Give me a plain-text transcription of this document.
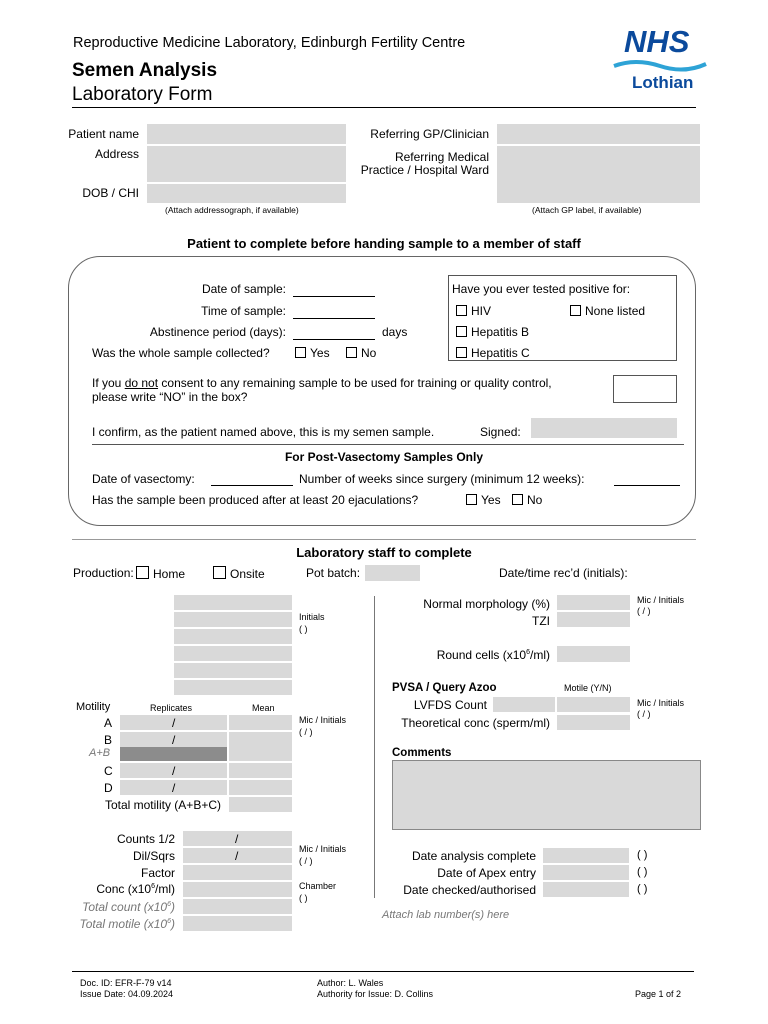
Reproductive Medicine Laboratory, Edinburgh Fertility Centre
Semen Analysis
Laboratory Form
NHS
Lothian
Patient name
Address
DOB / CHI
(Attach addressograph, if available)
Referring GP/Clinician
Referring Medical
Practice / Hospital Ward
(Attach GP label, if available)
Patient to complete before handing sample to a member of staff
Date of sample:
Time of sample:
Abstinence period (days):	days
Was the whole sample collected?	Yes	No
Have you ever tested positive for:
HIV	None listed
Hepatitis B
Hepatitis C
If you do not consent to any remaining sample to be used for training or quality control,
please write “NO” in the box?
I confirm, as the patient named above, this is my semen sample.	Signed:
For Post-Vasectomy Samples Only
Date of vasectomy:	Number of weeks since surgery (minimum 12 weeks):
Has the sample been produced after at least 20 ejaculations?	Yes	No
Laboratory staff to complete
Production:	Home	Onsite	Pot batch:	Date/time rec’d (initials):
Initials
( )
Motility	Replicates	Mean
A	/
B	/
A+B
C	/
D	/
Total motility (A+B+C)
Mic / Initials
( / )
Counts 1/2	/
Dil/Sqrs	/
Factor
Conc $(x10^6/ml)$
Total count $(x10^6)$
Total motile $(x10^6)$
Mic / Initials
( / )
Chamber
( )
Normal morphology (%)
TZI
Mic / Initials
( / )
Round cells $(x10^6/ml)$
PVSA / Query Azoo	Motile (Y/N)
LVFDS Count
Theoretical conc (sperm/ml)
Mic / Initials
( / )
Comments
Date analysis complete	( )
Date of Apex entry	( )
Date checked/authorised	( )
Attach lab number(s) here
Doc. ID: EFR-F-79 v14
Issue Date: 04.09.2024
Author: L. Wales
Authority for Issue: D. Collins	Page 1 of 2
